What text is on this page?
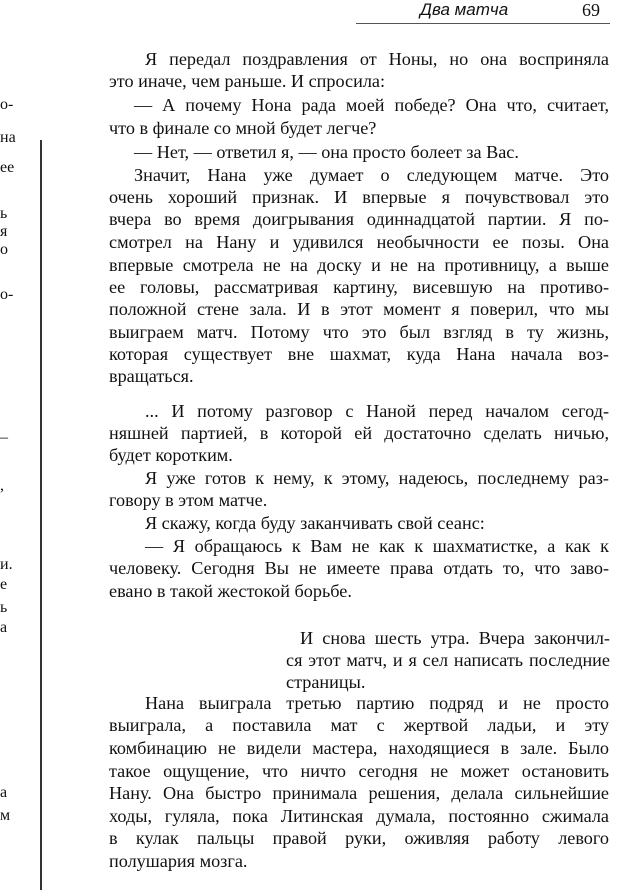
Два матча	69
о-
на
ее
ь
я
о
о-
–
,
и.
е
ь
а
а
м
Я передал поздравления от Ноны, но она восприняла
это иначе, чем раньше. И спросила:
— А почему Нона рада моей победе? Она что, считает,
что в финале со мной будет легче?
— Нет, — ответил я, — она просто болеет за Вас.
Значит, Нана уже думает о следующем матче. Это
очень хороший признак. И впервые я почувствовал это
вчера во время доигрывания одиннадцатой партии. Я по-
смотрел на Нану и удивился необычности ее позы. Она
впервые смотрела не на доску и не на противницу, а выше
ее головы, рассматривая картину, висевшую на противо-
положной стене зала. И в этот момент я поверил, что мы
выиграем матч. Потому что это был взгляд в ту жизнь,
которая существует вне шахмат, куда Нана начала воз-
вращаться.
... И потому разговор с Наной перед началом сегод-
няшней партией, в которой ей достаточно сделать ничью,
будет коротким.
Я уже готов к нему, к этому, надеюсь, последнему раз-
говору в этом матче.
Я скажу, когда буду заканчивать свой сеанс:
— Я обращаюсь к Вам не как к шахматистке, а как к
человеку. Сегодня Вы не имеете права отдать то, что заво-
евано в такой жестокой борьбе.
И снова шесть утра. Вчера закончил-
ся этот матч, и я сел написать последние
страницы.
Нана выиграла третью партию подряд и не просто
выиграла, а поставила мат с жертвой ладьи, и эту
комбинацию не видели мастера, находящиеся в зале. Было
такое ощущение, что ничто сегодня не может остановить
Нану. Она быстро принимала решения, делала сильнейшие
ходы, гуляла, пока Литинская думала, постоянно сжимала
в кулак пальцы правой руки, оживляя работу левого
полушария мозга.
